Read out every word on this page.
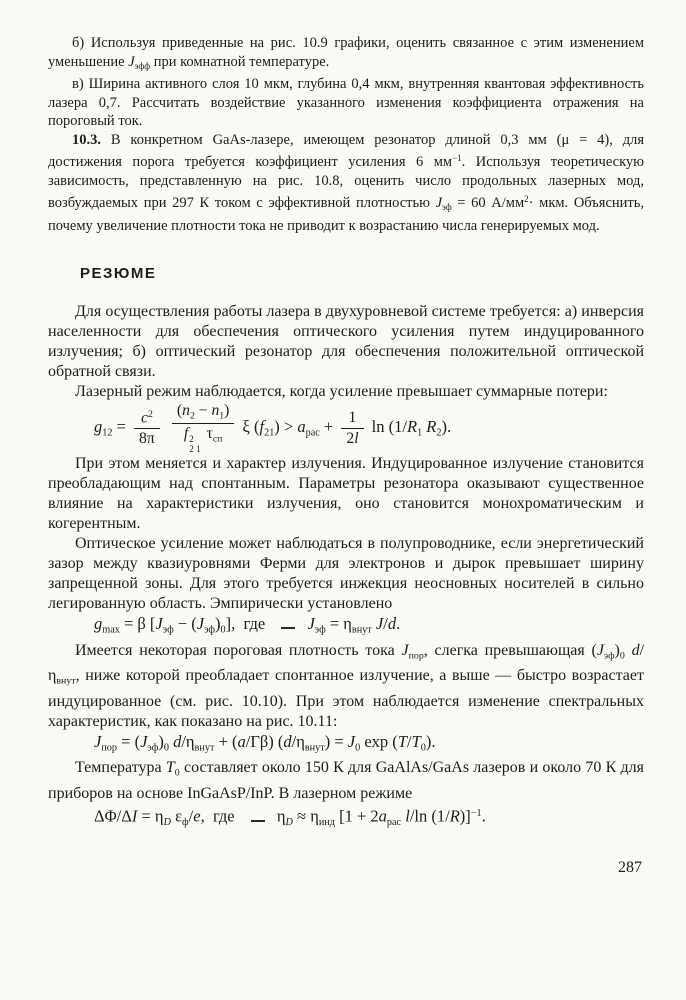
б) Используя приведенные на рис. 10.9 графики, оценить связанное с этим изменением уменьшение $J_{эфф}$ при комнатной температуре.

в) Ширина активного слоя 10 мкм, глубина 0,4 мкм, внутренняя квантовая эффективность лазера 0,7. Рассчитать воздействие указанного изменения коэффициента отражения на пороговый ток.

10.3. В конкретном GaAs-лазере, имеющем резонатор длиной 0,3 мм (μ = 4), для достижения порога требуется коэффициент усиления 6 $мм^{-1}$. Используя теоретическую зависимость, представленную на рис. 10.8, оценить число продольных лазерных мод, возбуждаемых при 297 К током с эффективной плотностью $J_{эф} = 60$ $А/мм^2\cdot$ мкм. Объяснить, почему увеличение плотности тока не приводит к возрастанию числа генерируемых мод.

РЕЗЮМЕ

Для осуществления работы лазера в двухуровневой системе требуется: а) инверсия населенности для обеспечения оптического усиления путем индуцированного излучения; б) оптический резонатор для обеспечения положительной оптической обратной связи.

Лазерный режим наблюдается, когда усиление превышает суммарные потери:

$g_{12} = \frac{c^2}{8\pi}$
	$(n_2 - n_1)$
f 2
2 1
$\tau_{сп}$
ξ $(f_{21}) > a_{рас} + \frac{1}{2l}$ $\ln (1/R_1$ $R_2$).

При этом меняется и характер излучения. Индуцированное излучение становится преобладающим над спонтанным. Параметры резонатора оказывают существенное влияние на характеристики излучения, оно становится монохроматическим и когерентным.

Оптическое усиление может наблюдаться в полупроводнике, если энергетический зазор между квазиуровнями Ферми для электронов и дырок превышает ширину запрещенной зоны. Для этого требуется инжекция неосновных носителей в сильно легированную область. Эмпирически установлено

$g_{max} = \beta$ $[J_{эф} - (J_{эф})_0]$,  где  $J_{эф} = \eta_{внут}$ J/d.

Имеется некоторая пороговая плотность тока $J_{пор}$, слегка превышающая $(J_{эф})_0$ $d/\eta_{внут}$, ниже которой преобладает спонтанное излучение, а выше — быстро возрастает индуцированное (см. рис. 10.10). При этом наблюдается изменение спектральных характеристик, как показано на рис. 10.11:

$J_{пор} = (J_{эф})_0$ $d/\eta_{внут} + (a/\Gamma\beta) (d/\eta_{внут}) = J_0$ $\exp (T/T_0)$.

Температура $T_0$ составляет около 150 К для GaAlAs/GaAs лазеров и около 70 К для приборов на основе InGaAsP/InP. В лазерном режиме

$\Delta\Phi/\Delta I = \eta_D$ $\varepsilon_ф/e$,  где  $\eta_D \approx \eta_{инд}$ [$1 + 2a_{рас}$ l/ln (1/R)]$^{-1}$.

287
